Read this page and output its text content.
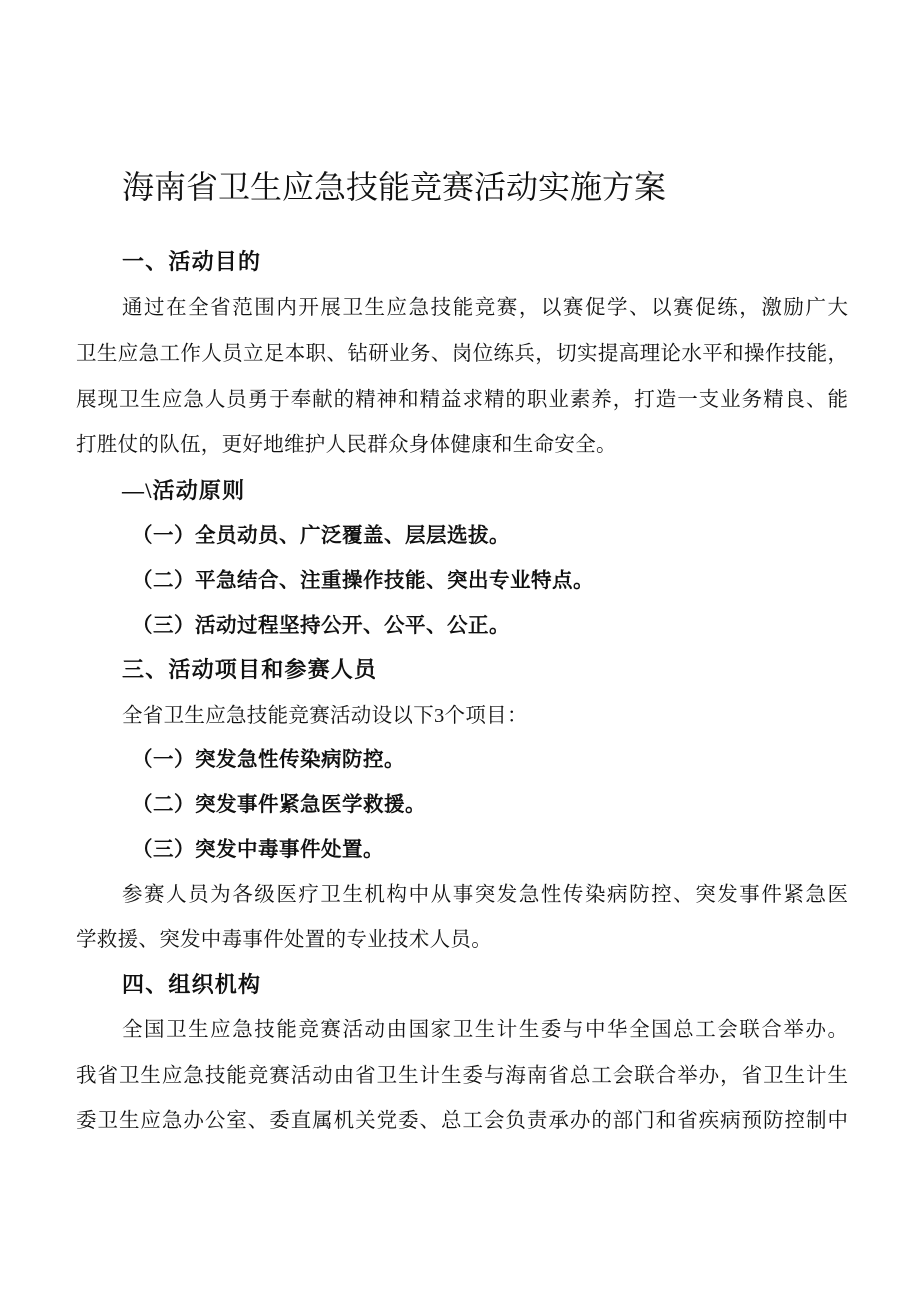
海南省卫生应急技能竞赛活动实施方案
一、活动目的
通过在全省范围内开展卫生应急技能竞赛，以赛促学、以赛促练，激励广大
卫生应急工作人员立足本职、钻研业务、岗位练兵，切实提高理论水平和操作技能，
展现卫生应急人员勇于奉献的精神和精益求精的职业素养，打造一支业务精良、能
打胜仗的队伍，更好地维护人民群众身体健康和生命安全。
—\活动原则
（一）全员动员、广泛覆盖、层层选拔。
（二）平急结合、注重操作技能、突出专业特点。
（三）活动过程坚持公开、公平、公正。
三、活动项目和参赛人员
全省卫生应急技能竞赛活动设以下3个项目：
（一）突发急性传染病防控。
（二）突发事件紧急医学救援。
（三）突发中毒事件处置。
参赛人员为各级医疗卫生机构中从事突发急性传染病防控、突发事件紧急医
学救援、突发中毒事件处置的专业技术人员。
四、组织机构
全国卫生应急技能竞赛活动由国家卫生计生委与中华全国总工会联合举办。
我省卫生应急技能竞赛活动由省卫生计生委与海南省总工会联合举办，省卫生计生
委卫生应急办公室、委直属机关党委、总工会负责承办的部门和省疾病预防控制中
